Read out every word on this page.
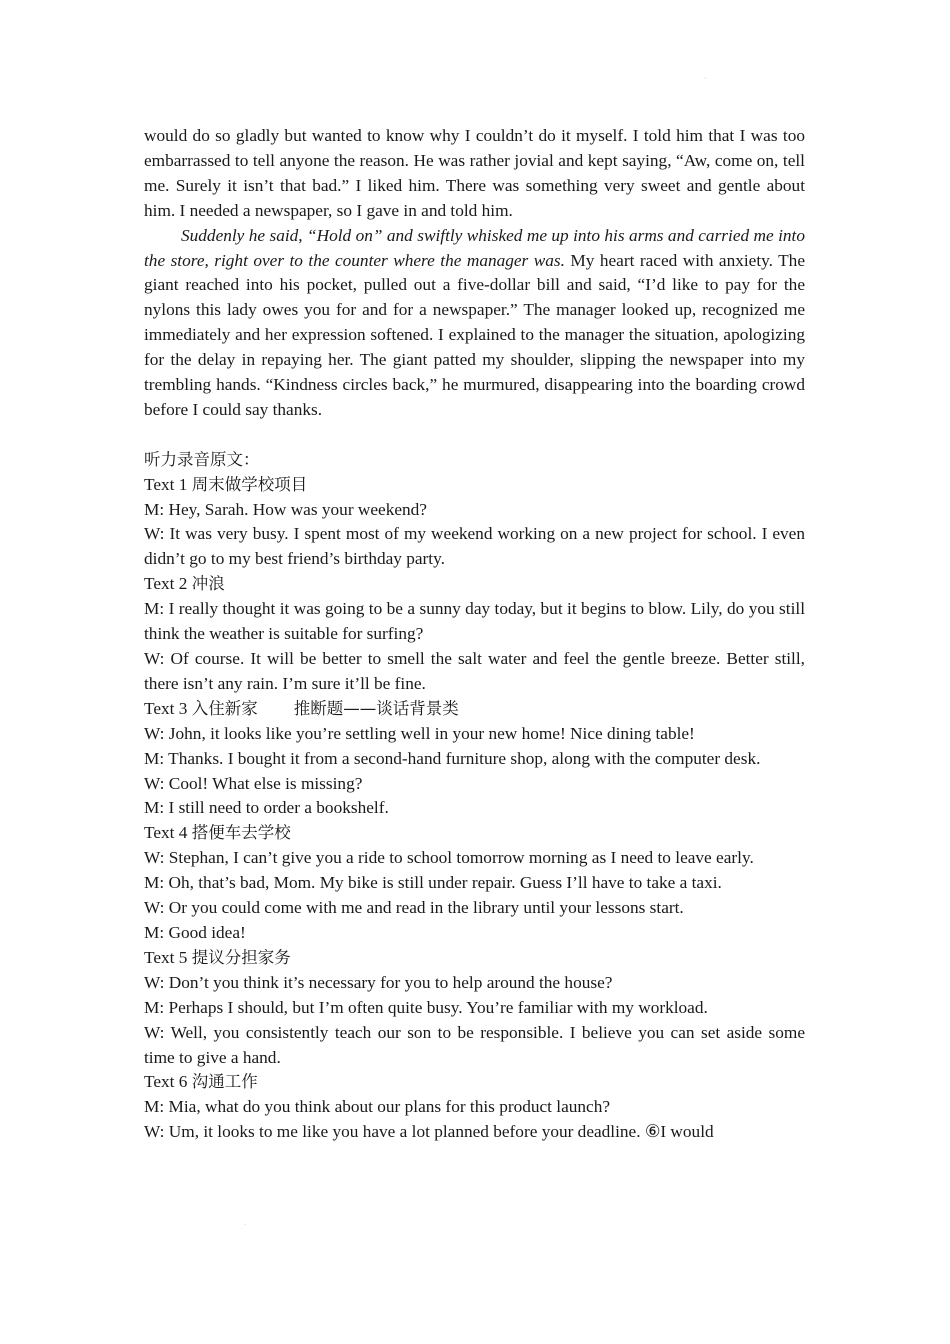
·

would do so gladly but wanted to know why I couldn’t do it myself. I told him that I was too embarrassed to tell anyone the reason. He was rather jovial and kept saying, “Aw, come on, tell me. Surely it isn’t that bad.” I liked him. There was something very sweet and gentle about him. I needed a newspaper, so I gave in and told him.

Suddenly he said, “Hold on” and swiftly whisked me up into his arms and carried me into the store, right over to the counter where the manager was. My heart raced with anxiety. The giant reached into his pocket, pulled out a five-dollar bill and said, “I’d like to pay for the nylons this lady owes you for and for a newspaper.” The manager looked up, recognized me immediately and her expression softened. I explained to the manager the situation, apologizing for the delay in repaying her. The giant patted my shoulder, slipping the newspaper into my trembling hands. “Kindness circles back,” he murmured, disappearing into the boarding crowd before I could say thanks.

听力录音原文：

Text 1 周末做学校项目

M: Hey, Sarah. How was your weekend?

W: It was very busy. I spent most of my weekend working on a new project for school. I even didn’t go to my best friend’s birthday party.

Text 2 冲浪

M: I really thought it was going to be a sunny day today, but it begins to blow. Lily, do you still think the weather is suitable for surfing?

W: Of course. It will be better to smell the salt water and feel the gentle breeze. Better still, there isn’t any rain. I’m sure it’ll be fine.

Text 3 入住新家 推断题——谈话背景类

W: John, it looks like you’re settling well in your new home! Nice dining table!

M: Thanks. I bought it from a second-hand furniture shop, along with the computer desk.

W: Cool! What else is missing?

M: I still need to order a bookshelf.

Text 4 搭便车去学校

W: Stephan, I can’t give you a ride to school tomorrow morning as I need to leave early.

M: Oh, that’s bad, Mom. My bike is still under repair. Guess I’ll have to take a taxi.

W: Or you could come with me and read in the library until your lessons start.

M: Good idea!

Text 5 提议分担家务

W: Don’t you think it’s necessary for you to help around the house?

M: Perhaps I should, but I’m often quite busy. You’re familiar with my workload.

W: Well, you consistently teach our son to be responsible. I believe you can set aside some time to give a hand.

Text 6 沟通工作

M: Mia, what do you think about our plans for this product launch?

W: Um, it looks to me like you have a lot planned before your deadline. ⑥I would

·
